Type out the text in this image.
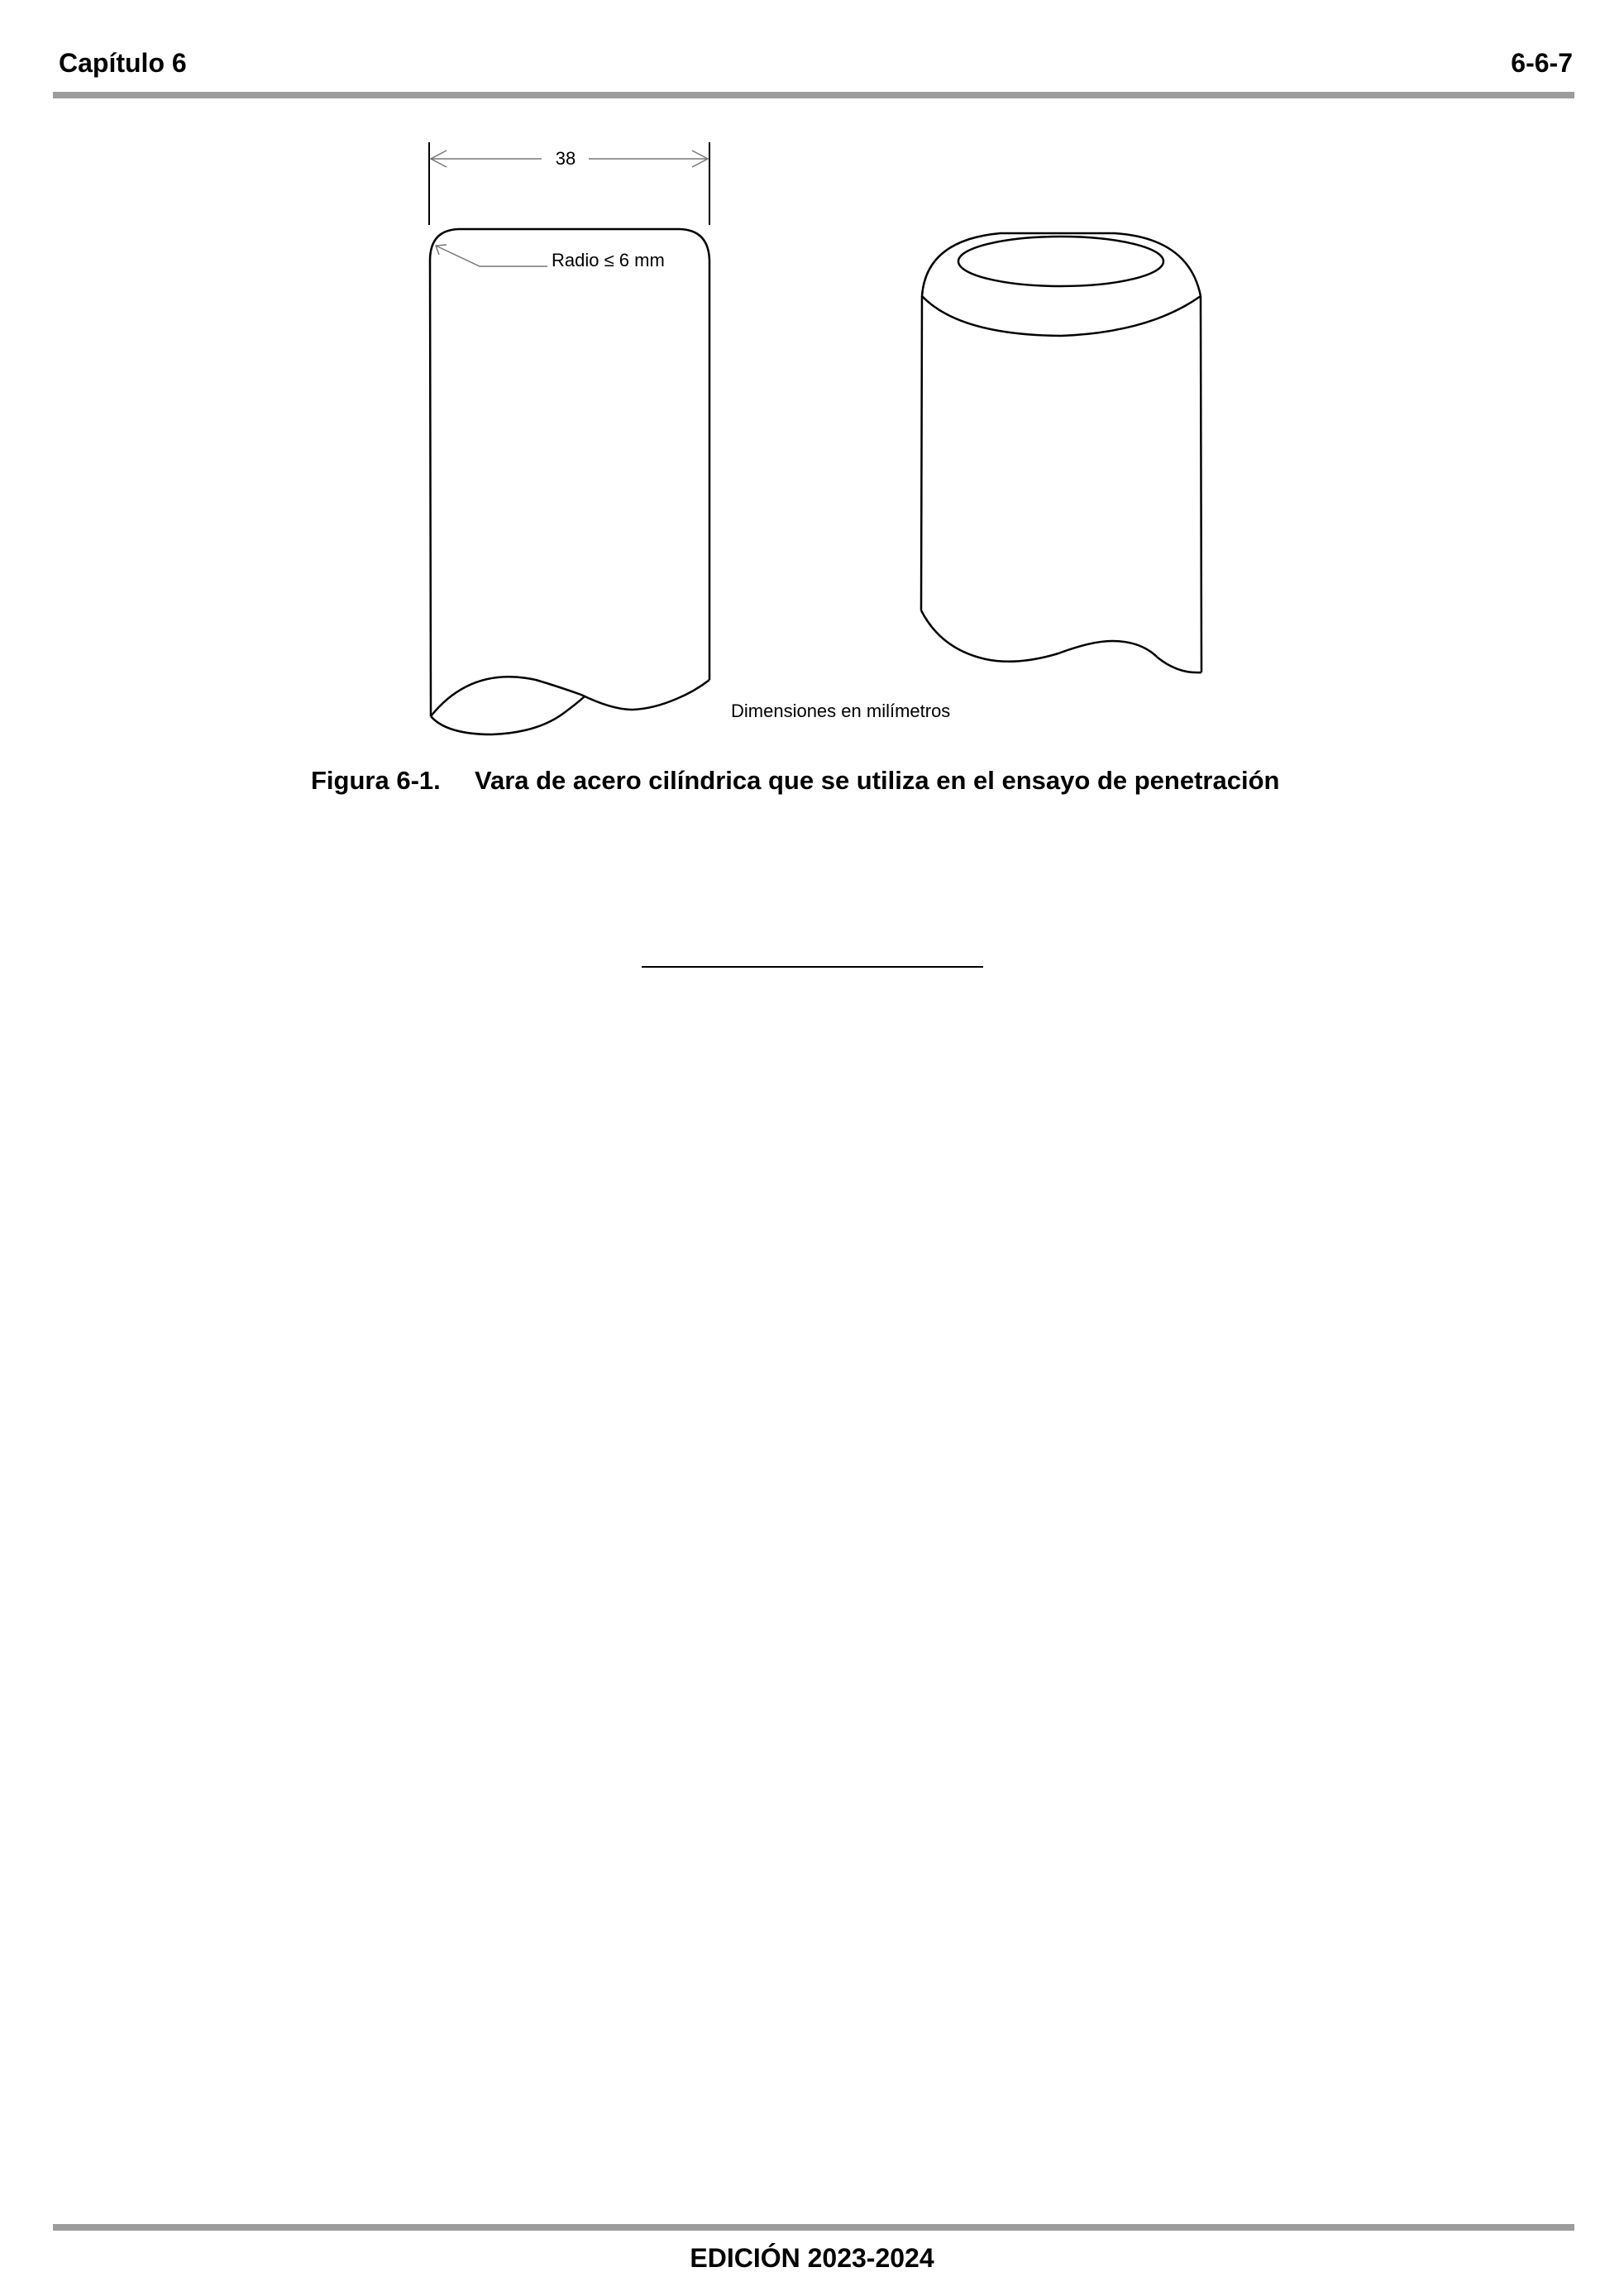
Capítulo 6	6-6-7
38
Radio ≤ 6 mm
Dimensiones en milímetros
Figura 6-1. Vara de acero cilíndrica que se utiliza en el ensayo de penetración
EDICIÓN 2023-2024
